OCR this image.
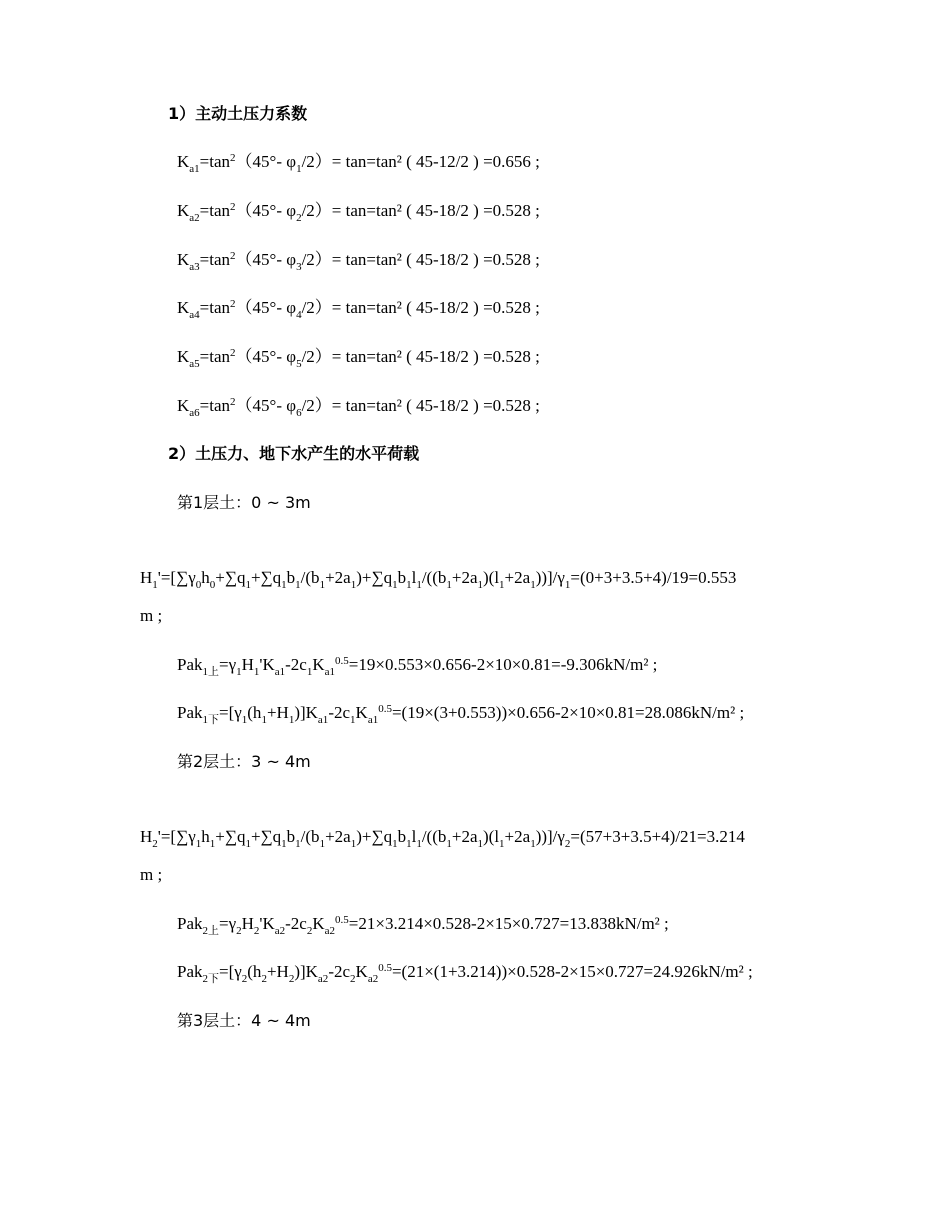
1）主动土压力系数
$K_{a1}=\tan^2(45^\circ-$ $\varphi_1/2)= \tan=\tan^2$ ( 45-12/2 ) =0.656 ;
$K_{a2}=\tan^2(45^\circ-$ $\varphi_2/2)= \tan=\tan^2$ ( 45-18/2 ) =0.528 ;
$K_{a3}=\tan^2(45^\circ-$ $\varphi_3/2)= \tan=\tan^2$ ( 45-18/2 ) =0.528 ;
$K_{a4}=\tan^2(45^\circ-$ $\varphi_4/2)= \tan=\tan^2$ ( 45-18/2 ) =0.528 ;
$K_{a5}=\tan^2(45^\circ-$ $\varphi_5/2)= \tan=\tan^2$ ( 45-18/2 ) =0.528 ;
$K_{a6}=\tan^2(45^\circ-$ $\varphi_6/2)= \tan=\tan^2$ ( 45-18/2 ) =0.528 ;
2）土压力、地下水产生的水平荷载
第1层土：0 ~ 3m
$H_1'=[\sum\gamma_0h_0+\sum q_1+\sum q_1b_1/(b_1+2a_1)+\sum q_1b_1l_1/((b_1+2a_1)(l_1+2a_1))]/\gamma_1=(0+3+3.5+4)/19=0.553$
m ;
$Pak_{1上}=\gamma_1H_1'K_{a1}-2c_1K_{a1}^{0.5}=19\times 0.553\times 0.656-2\times 10\times 0.81=-9.306kN/m^2$ ;
$Pak_{1下}=[\gamma_1(h_1+H_1)]K_{a1}-2c_1K_{a1}^{0.5}=(19\times(3+0.553))\times 0.656-2\times 10\times 0.81=28.086kN/m^2$ ;
第2层土：3 ~ 4m
$H_2'=[\sum\gamma_1h_1+\sum q_1+\sum q_1b_1/(b_1+2a_1)+\sum q_1b_1l_1/((b_1+2a_1)(l_1+2a_1))]/\gamma_2=(57+3+3.5+4)/21=3.214$
m ;
$Pak_{2上}=\gamma_2H_2'K_{a2}-2c_2K_{a2}^{0.5}=21\times 3.214\times 0.528-2\times 15\times 0.727=13.838kN/m^2$ ;
$Pak_{2下}=[\gamma_2(h_2+H_2)]K_{a2}-2c_2K_{a2}^{0.5}=(21\times(1+3.214))\times 0.528-2\times 15\times 0.727=24.926kN/m^2$ ;
第3层土：4 ~ 4m
